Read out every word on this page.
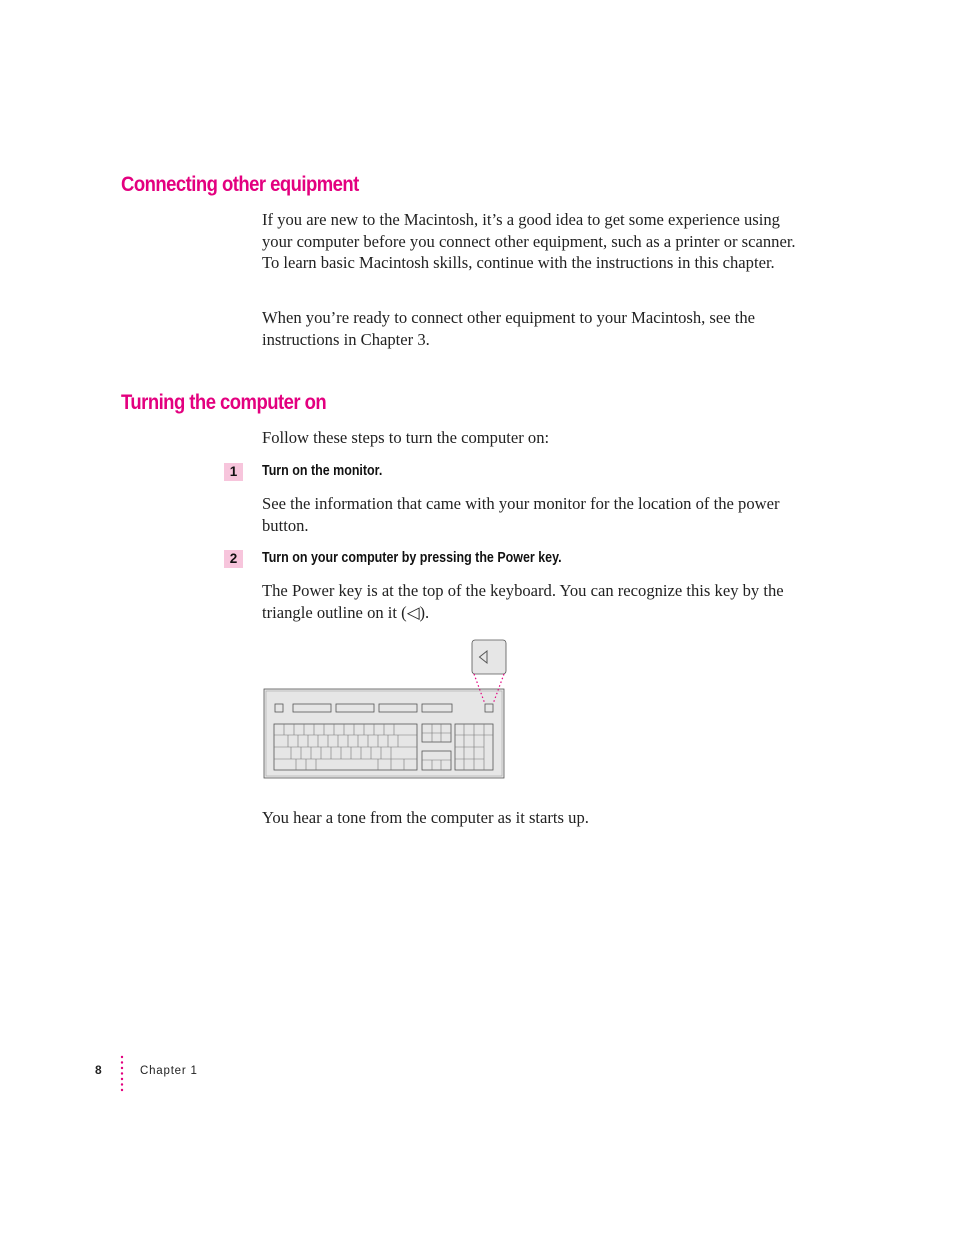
Connecting other equipment

If you are new to the Macintosh, it’s a good idea to get some experience using your computer before you connect other equipment, such as a printer or scanner. To learn basic Macintosh skills, continue with the instructions in this chapter.

When you’re ready to connect other equipment to your Macintosh, see the instructions in Chapter 3.

Turning the computer on

Follow these steps to turn the computer on:

1	Turn on the monitor.

See the information that came with your monitor for the location of the power button.

2	Turn on your computer by pressing the Power key.

The Power key is at the top of the keyboard. You can recognize this key by the triangle outline on it (◁).

You hear a tone from the computer as it starts up.

8	Chapter 1
